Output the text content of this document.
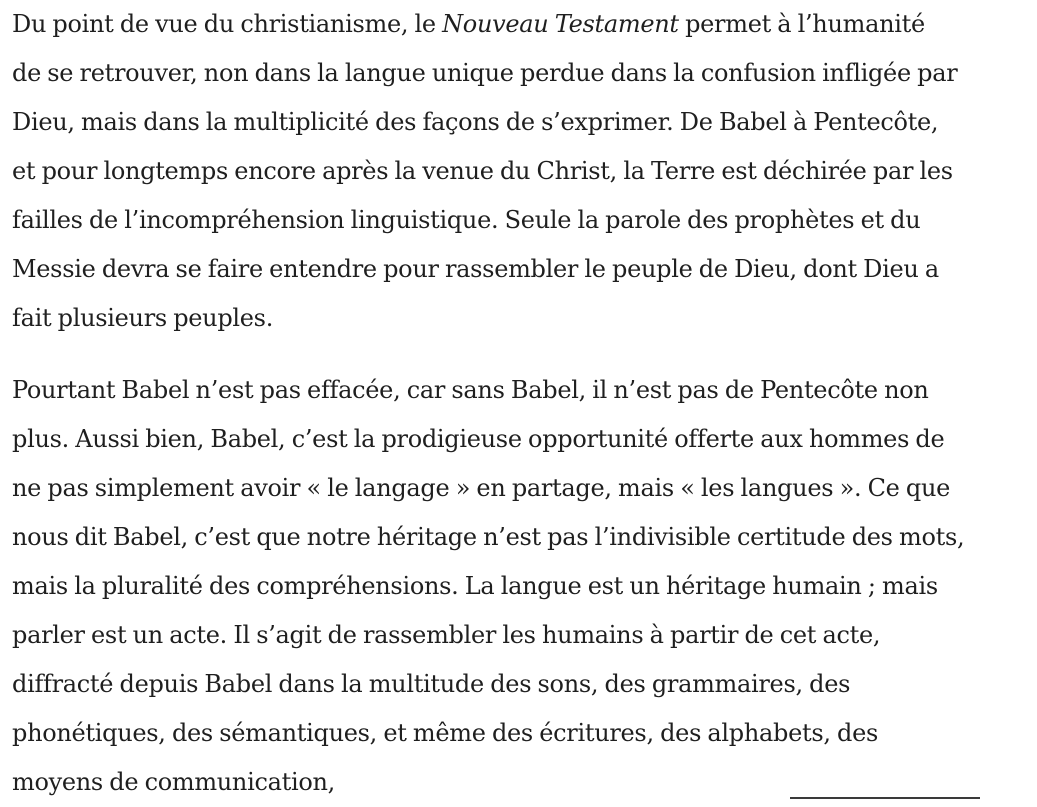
Du point de vue du christianisme, le Nouveau Testament permet à l’humanité
de se retrouver, non dans la langue unique perdue dans la confusion infligée par
Dieu, mais dans la multiplicité des façons de s’exprimer. De Babel à Pentecôte,
et pour longtemps encore après la venue du Christ, la Terre est déchirée par les
failles de l’incompréhension linguistique. Seule la parole des prophètes et du
Messie devra se faire entendre pour rassembler le peuple de Dieu, dont Dieu a
fait plusieurs peuples.

Pourtant Babel n’est pas effacée, car sans Babel, il n’est pas de Pentecôte non
plus. Aussi bien, Babel, c’est la prodigieuse opportunité offerte aux hommes de
ne pas simplement avoir « le langage » en partage, mais « les langues ». Ce que
nous dit Babel, c’est que notre héritage n’est pas l’indivisible certitude des mots,
mais la pluralité des compréhensions. La langue est un héritage humain ; mais
parler est un acte. Il s’agit de rassembler les humains à partir de cet acte,
diffracté depuis Babel dans la multitude des sons, des grammaires, des
phonétiques, des sémantiques, et même des écritures, des alphabets, des
moyens de communication,
